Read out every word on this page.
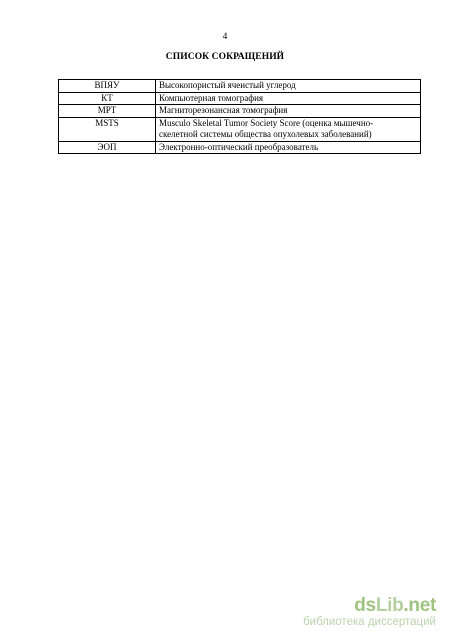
4
СПИСОК СОКРАЩЕНИЙ
ВПЯУ	Высокопористый ячеистый углерод
КТ	Компьютерная томография
МРТ	Магниторезонансная томография
MSTS	Musculo Skeletal Tumor Society Score (оценка мышечно-
скелетной системы общества опухолевых заболеваний)

ЭОП	Электронно-оптический преобразователь
dsLib.net
библиотека диссертаций
